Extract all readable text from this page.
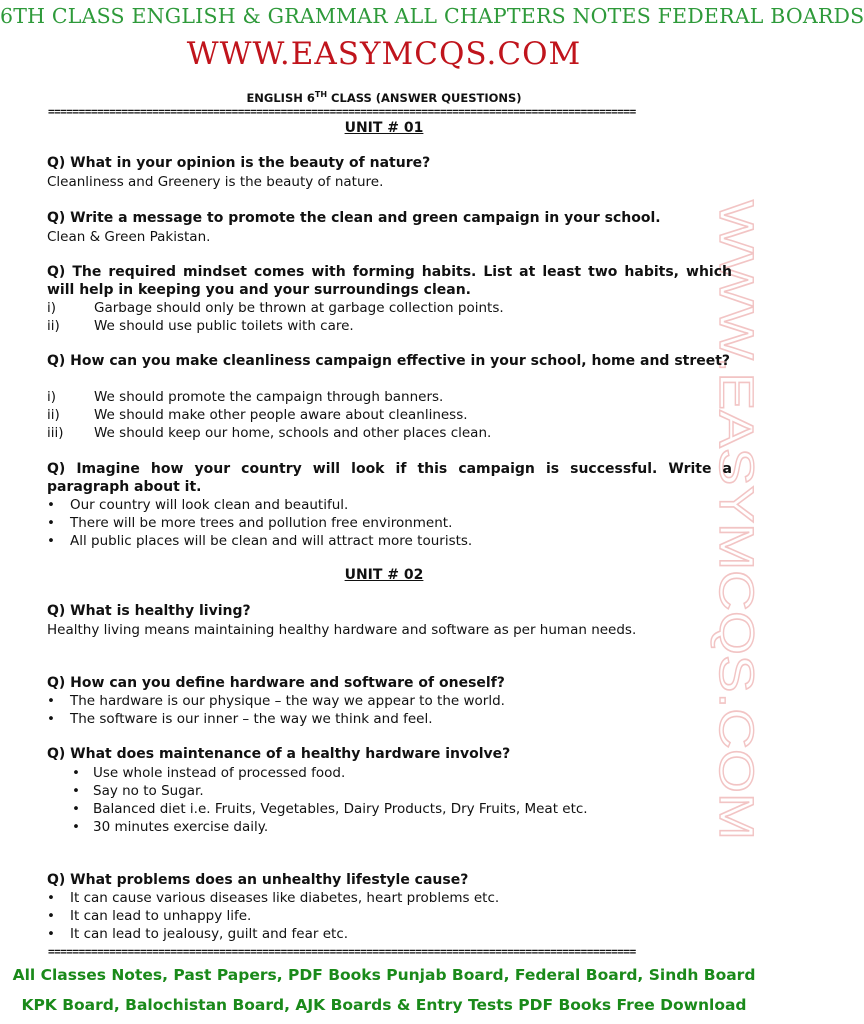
6TH CLASS ENGLISH & GRAMMAR ALL CHAPTERS NOTES FEDERAL BOARDS
WWW.EASYMCQS.COM
ENGLISH 6TH CLASS (ANSWER QUESTIONS)
================================================================================================
WWW.EASYMCQS.COM
UNIT # 01
Q) What in your opinion is the beauty of nature?
Cleanliness and Greenery is the beauty of nature.
Q) Write a message to promote the clean and green campaign in your school.
Clean & Green Pakistan.
Q) The required mindset comes with forming habits. List at least two habits, which will help in keeping you and your surroundings clean.
i)	Garbage should only be thrown at garbage collection points.
ii)	We should use public toilets with care.
Q) How can you make cleanliness campaign effective in your school, home and street?
i)	We should promote the campaign through banners.
ii)	We should make other people aware about cleanliness.
iii) We should keep our home, schools and other places clean.
Q) Imagine how your country will look if this campaign is successful. Write a paragraph about it.
• Our country will look clean and beautiful.
• There will be more trees and pollution free environment.
• All public places will be clean and will attract more tourists.
UNIT # 02
Q) What is healthy living?
Healthy living means maintaining healthy hardware and software as per human needs.
Q) How can you define hardware and software of oneself?
• The hardware is our physique – the way we appear to the world.
• The software is our inner – the way we think and feel.
Q) What does maintenance of a healthy hardware involve?
• Use whole instead of processed food.
• Say no to Sugar.
• Balanced diet i.e. Fruits, Vegetables, Dairy Products, Dry Fruits, Meat etc.
• 30 minutes exercise daily.
Q) What problems does an unhealthy lifestyle cause?
• It can cause various diseases like diabetes, heart problems etc.
• It can lead to unhappy life.
• It can lead to jealousy, guilt and fear etc.
================================================================================================
All Classes Notes, Past Papers, PDF Books Punjab Board, Federal Board, Sindh Board
KPK Board, Balochistan Board, AJK Boards & Entry Tests PDF Books Free Download
